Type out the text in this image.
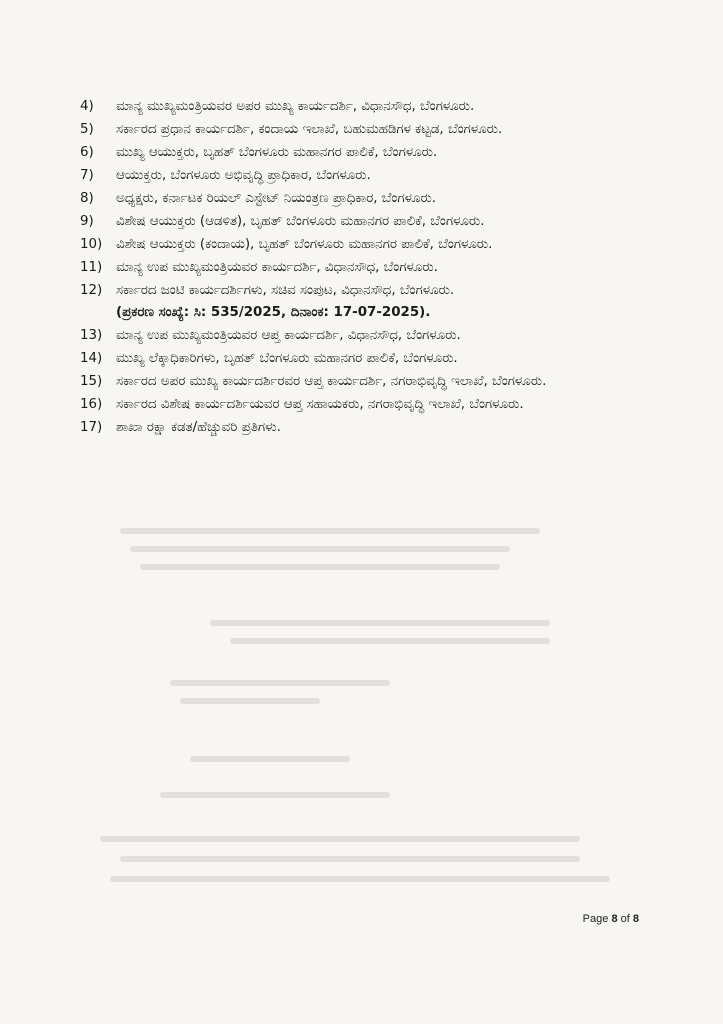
4)	ಮಾನ್ಯ ಮುಖ್ಯಮಂತ್ರಿಯವರ ಅಪರ ಮುಖ್ಯ ಕಾರ್ಯದರ್ಶಿ, ವಿಧಾನಸೌಧ, ಬೆಂಗಳೂರು.
5)	ಸರ್ಕಾರದ ಪ್ರಧಾನ ಕಾರ್ಯದರ್ಶಿ, ಕಂದಾಯ ಇಲಾಖೆ, ಬಹುಮಹಡಿಗಳ ಕಟ್ಟಡ, ಬೆಂಗಳೂರು.
6)	ಮುಖ್ಯ ಆಯುಕ್ತರು, ಬೃಹತ್ ಬೆಂಗಳೂರು ಮಹಾನಗರ ಪಾಲಿಕೆ, ಬೆಂಗಳೂರು.
7)	ಆಯುಕ್ತರು, ಬೆಂಗಳೂರು ಅಭಿವೃದ್ಧಿ ಪ್ರಾಧಿಕಾರ, ಬೆಂಗಳೂರು.
8)	ಅಧ್ಯಕ್ಷರು, ಕರ್ನಾಟಕ ರಿಯಲ್ ಎಸ್ಟೇಟ್ ನಿಯಂತ್ರಣ ಪ್ರಾಧಿಕಾರ, ಬೆಂಗಳೂರು.
9)	ವಿಶೇಷ ಆಯುಕ್ತರು (ಆಡಳಿತ), ಬೃಹತ್ ಬೆಂಗಳೂರು ಮಹಾನಗರ ಪಾಲಿಕೆ, ಬೆಂಗಳೂರು.
10)	ವಿಶೇಷ ಆಯುಕ್ತರು (ಕಂದಾಯ), ಬೃಹತ್ ಬೆಂಗಳೂರು ಮಹಾನಗರ ಪಾಲಿಕೆ, ಬೆಂಗಳೂರು.
11)	ಮಾನ್ಯ ಉಪ ಮುಖ್ಯಮಂತ್ರಿಯವರ ಕಾರ್ಯದರ್ಶಿ, ವಿಧಾನಸೌಧ, ಬೆಂಗಳೂರು.
12)	ಸರ್ಕಾರದ ಜಂಟಿ ಕಾರ್ಯದರ್ಶಿಗಳು, ಸಚಿವ ಸಂಪುಟ, ವಿಧಾನಸೌಧ, ಬೆಂಗಳೂರು.
(ಪ್ರಕರಣ ಸಂಖ್ಯೆ: ಸಿ: 535/2025, ದಿನಾಂಕ: 17-07-2025).
13)	ಮಾನ್ಯ ಉಪ ಮುಖ್ಯಮಂತ್ರಿಯವರ ಆಪ್ತ ಕಾರ್ಯದರ್ಶಿ, ವಿಧಾನಸೌಧ, ಬೆಂಗಳೂರು.
14)	ಮುಖ್ಯ ಲೆಕ್ಕಾಧಿಕಾರಿಗಳು, ಬೃಹತ್ ಬೆಂಗಳೂರು ಮಹಾನಗರ ಪಾಲಿಕೆ, ಬೆಂಗಳೂರು.
15)	ಸರ್ಕಾರದ ಅಪರ ಮುಖ್ಯ ಕಾರ್ಯದರ್ಶಿರವರ ಆಪ್ತ ಕಾರ್ಯದರ್ಶಿ, ನಗರಾಭಿವೃದ್ಧಿ ಇಲಾಖೆ, ಬೆಂಗಳೂರು.
16)	ಸರ್ಕಾರದ ವಿಶೇಷ ಕಾರ್ಯದರ್ಶಿಯವರ ಆಪ್ತ ಸಹಾಯಕರು, ನಗರಾಭಿವೃದ್ಧಿ ಇಲಾಖೆ, ಬೆಂಗಳೂರು.
17)	ಶಾಖಾ ರಕ್ಷಾ ಕಡತ/ಹೆಚ್ಚುವರಿ ಪ್ರತಿಗಳು.
Page 8 of 8
